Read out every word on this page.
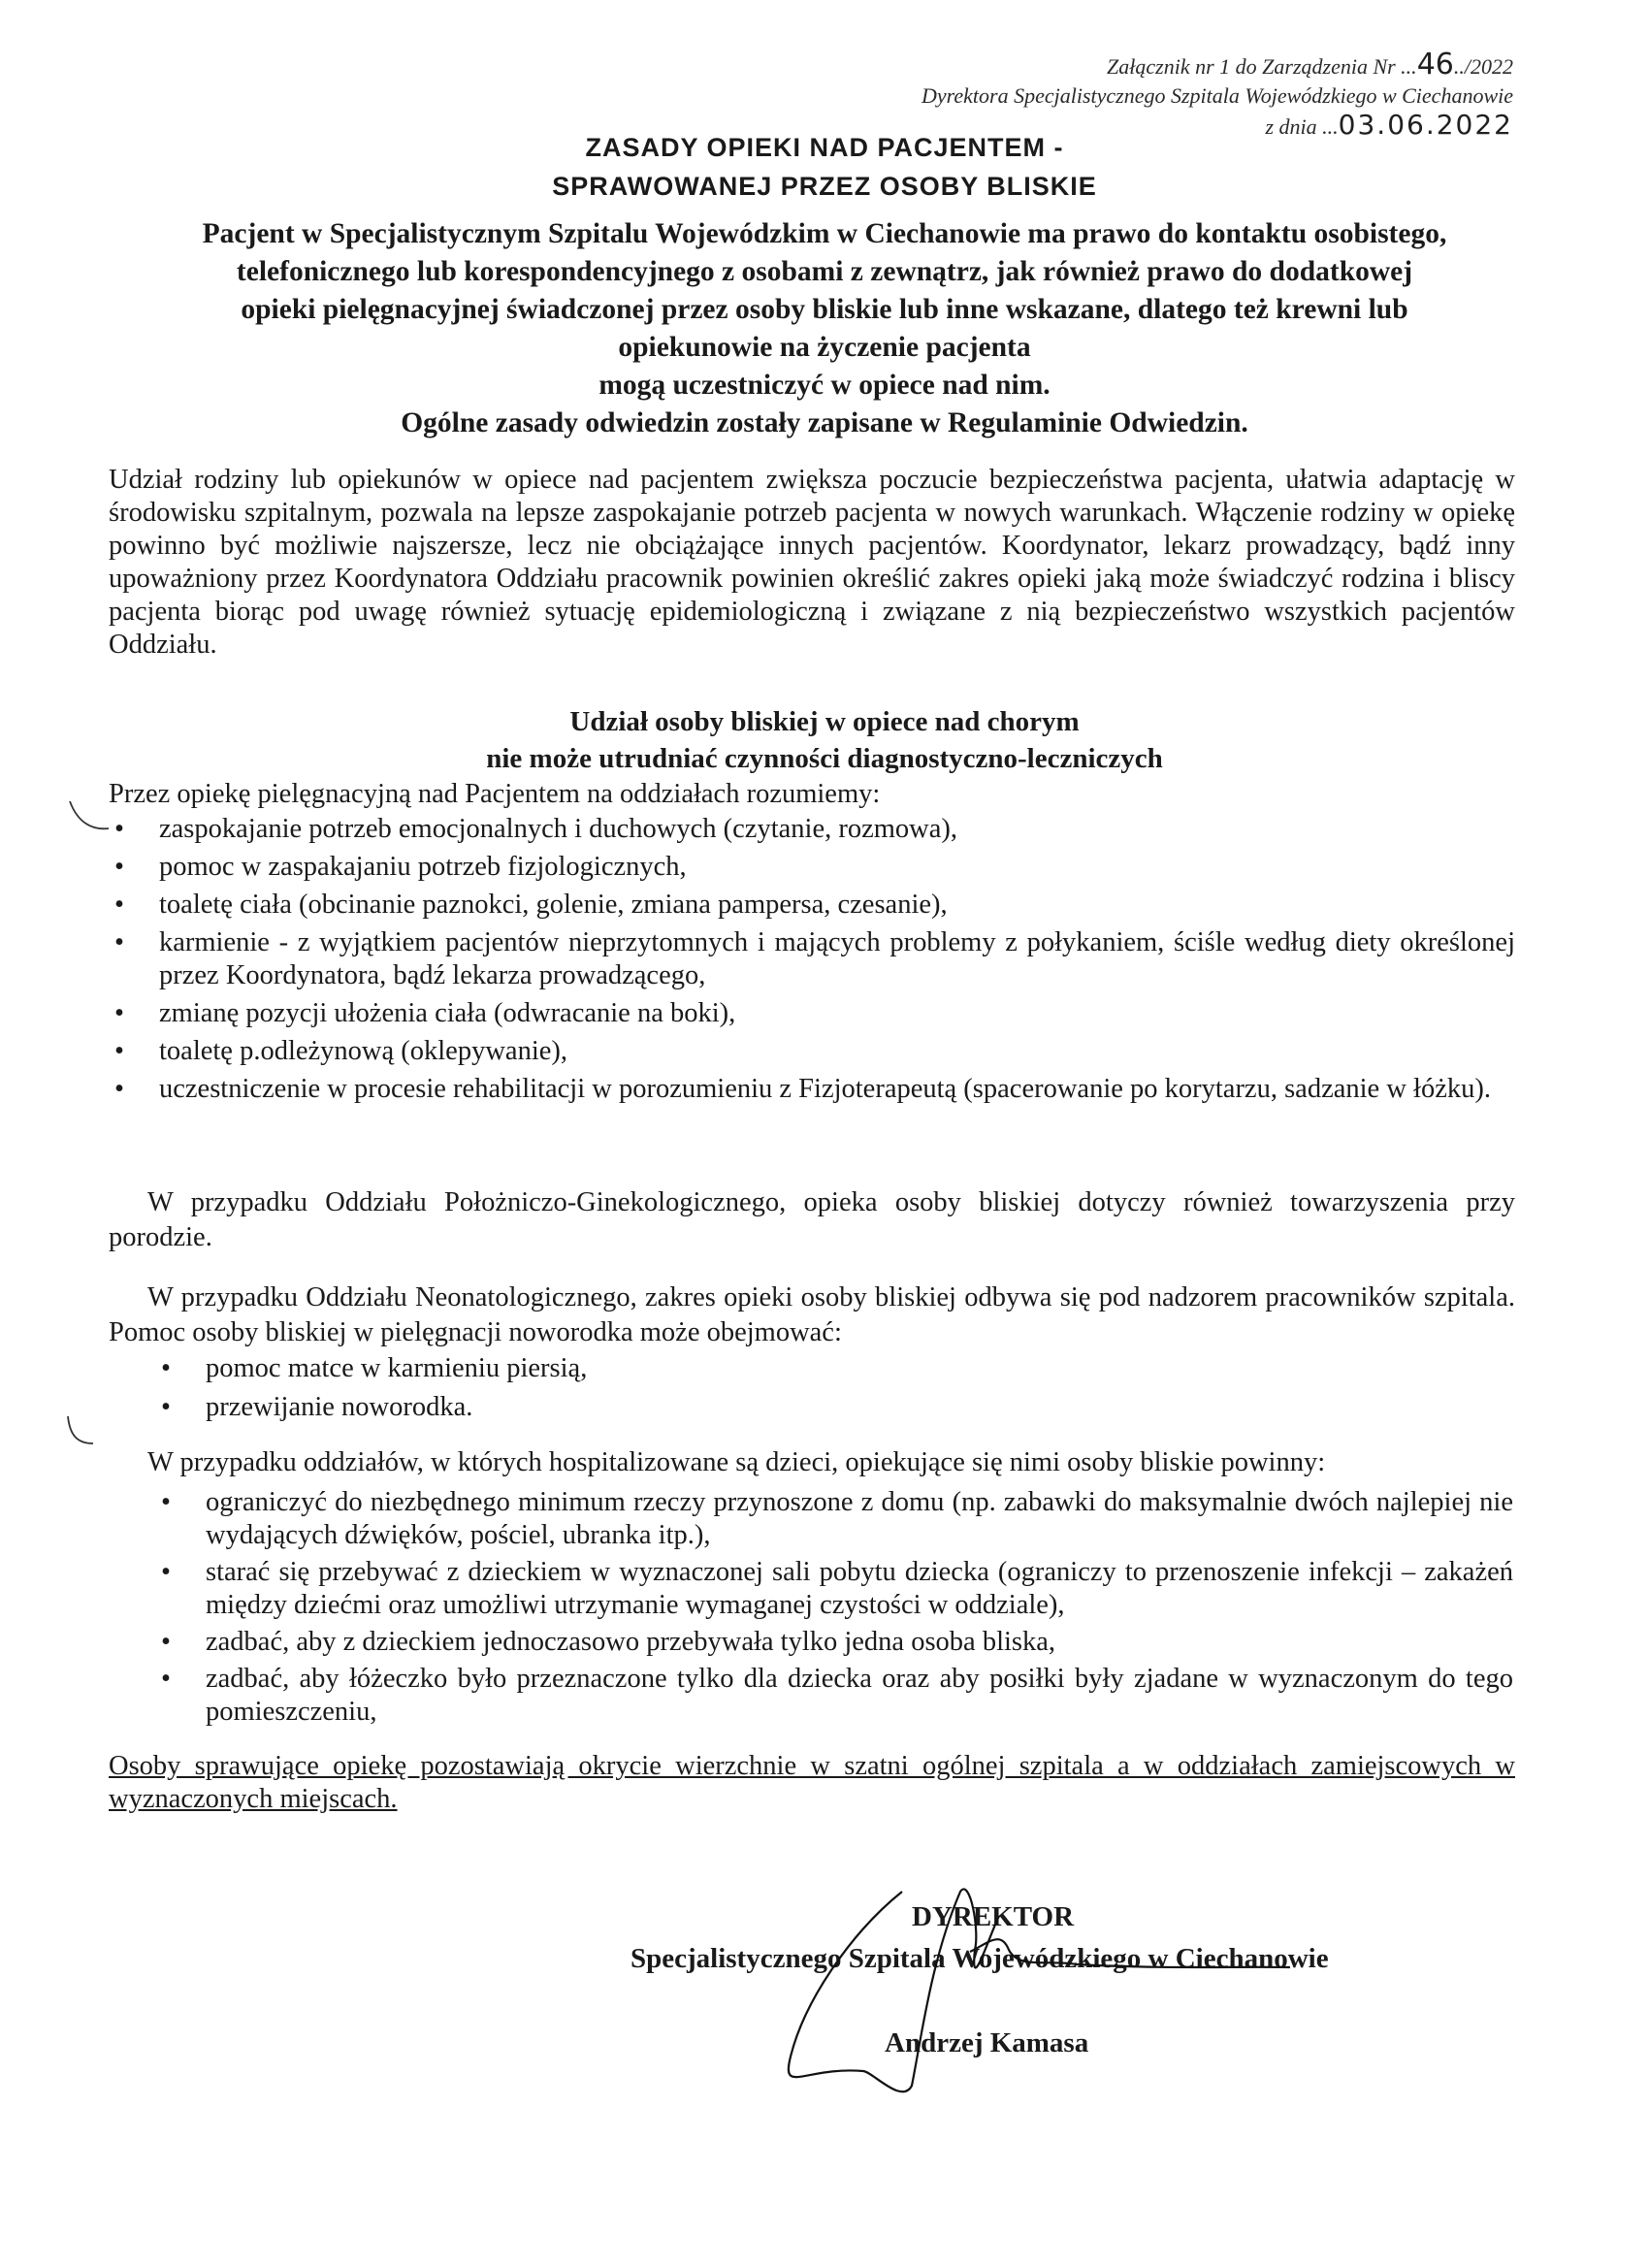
Załącznik nr 1 do Zarządzenia Nr ...46../2022
Dyrektora Specjalistycznego Szpitala Wojewódzkiego w Ciechanowie
z dnia ...03.06.2022
ZASADY OPIEKI NAD PACJENTEM -
SPRAWOWANEJ PRZEZ OSOBY BLISKIE
Pacjent w Specjalistycznym Szpitalu Wojewódzkim w Ciechanowie ma prawo do kontaktu osobistego,
telefonicznego lub korespondencyjnego z osobami z zewnątrz, jak również prawo do dodatkowej
opieki pielęgnacyjnej świadczonej przez osoby bliskie lub inne wskazane, dlatego też krewni lub
opiekunowie na życzenie pacjenta
mogą uczestniczyć w opiece nad nim.
Ogólne zasady odwiedzin zostały zapisane w Regulaminie Odwiedzin.
Udział rodziny lub opiekunów w opiece nad pacjentem zwiększa poczucie bezpieczeństwa pacjenta, ułatwia adaptację w środowisku szpitalnym, pozwala na lepsze zaspokajanie potrzeb pacjenta w nowych warunkach. Włączenie rodziny w opiekę powinno być możliwie najszersze, lecz nie obciążające innych pacjentów. Koordynator, lekarz prowadzący, bądź inny upoważniony przez Koordynatora Oddziału pracownik powinien określić zakres opieki jaką może świadczyć rodzina i bliscy pacjenta biorąc pod uwagę również sytuację epidemiologiczną i związane z nią bezpieczeństwo wszystkich pacjentów Oddziału.
Udział osoby bliskiej w opiece nad chorym
nie może utrudniać czynności diagnostyczno-leczniczych
Przez opiekę pielęgnacyjną nad Pacjentem na oddziałach rozumiemy:
• zaspokajanie potrzeb emocjonalnych i duchowych (czytanie, rozmowa),
• pomoc w zaspakajaniu potrzeb fizjologicznych,
• toaletę ciała (obcinanie paznokci, golenie, zmiana pampersa, czesanie),
• karmienie - z wyjątkiem pacjentów nieprzytomnych i mających problemy z połykaniem, ściśle według diety określonej przez Koordynatora, bądź lekarza prowadzącego,
• zmianę pozycji ułożenia ciała (odwracanie na boki),
• toaletę p.odleżynową (oklepywanie),
• uczestniczenie w procesie rehabilitacji w porozumieniu z Fizjoterapeutą (spacerowanie po korytarzu, sadzanie w łóżku).
W przypadku Oddziału Położniczo-Ginekologicznego, opieka osoby bliskiej dotyczy również towarzyszenia przy porodzie.
W przypadku Oddziału Neonatologicznego, zakres opieki osoby bliskiej odbywa się pod nadzorem pracowników szpitala. Pomoc osoby bliskiej w pielęgnacji noworodka może obejmować:
• pomoc matce w karmieniu piersią,
• przewijanie noworodka.
W przypadku oddziałów, w których hospitalizowane są dzieci, opiekujące się nimi osoby bliskie powinny:
• ograniczyć do niezbędnego minimum rzeczy przynoszone z domu (np. zabawki do maksymalnie dwóch najlepiej nie wydających dźwięków, pościel, ubranka itp.),
• starać się przebywać z dzieckiem w wyznaczonej sali pobytu dziecka (ograniczy to przenoszenie infekcji – zakażeń między dziećmi oraz umożliwi utrzymanie wymaganej czystości w oddziale),
• zadbać, aby z dzieckiem jednoczasowo przebywała tylko jedna osoba bliska,
• zadbać, aby łóżeczko było przeznaczone tylko dla dziecka oraz aby posiłki były zjadane w wyznaczonym do tego pomieszczeniu,
Osoby sprawujące opiekę pozostawiają okrycie wierzchnie w szatni ogólnej szpitala a w oddziałach zamiejscowych w wyznaczonych miejscach.
DYREKTOR
Specjalistycznego Szpitala Wojewódzkiego w Ciechanowie
Andrzej Kamasa
